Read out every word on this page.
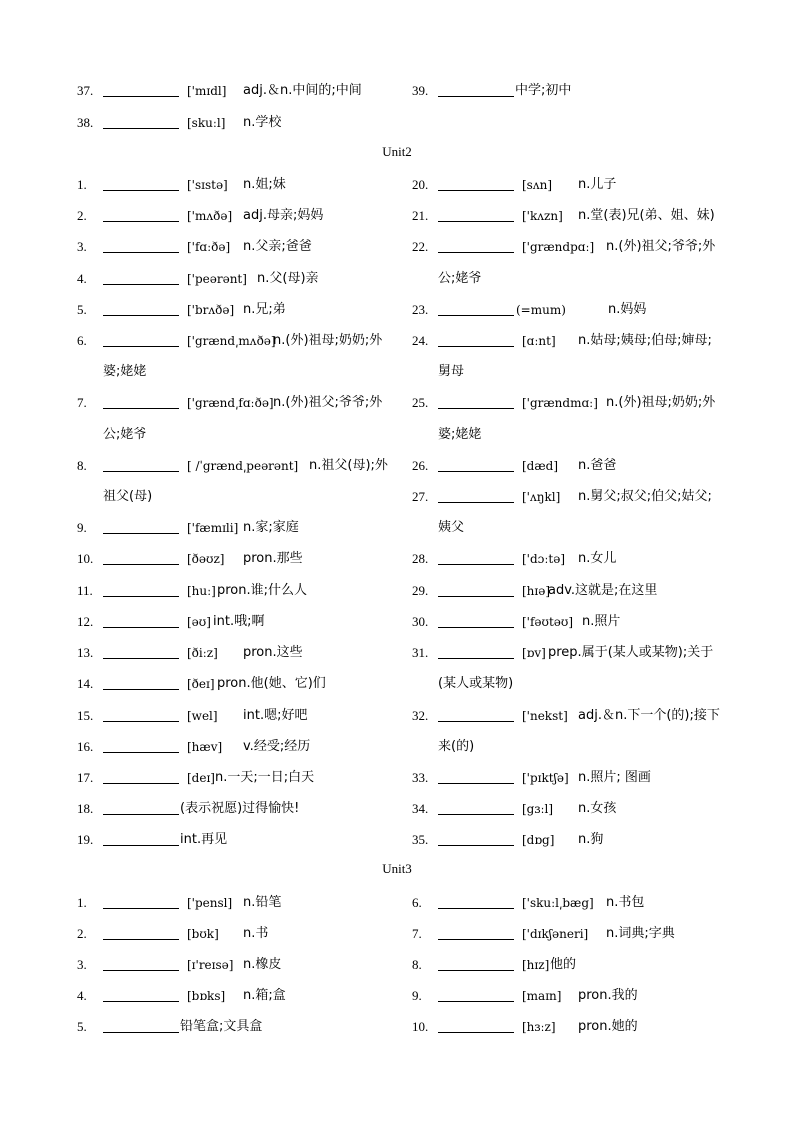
37.	['mɪdl] adj.＆n.中间的;中间
38.	[skuːl] n.学校
39.	中学;初中
Unit2
1.	['sɪstə] n.姐;妹
2.	['mʌðə] adj.母亲;妈妈
3.	['fɑːðə] n.父亲;爸爸
4.	['peərənt] n.父(母)亲
5.	['brʌðə] n.兄;弟
6.	['grænd͵mʌðə]
n.(外)祖母;奶奶;外
婆;姥姥
7.	['grænd͵fɑːðə] n.(外)祖父;爷爷;外
公;姥爷
8.	[ /ˈgrænd͵peərənt] n.祖父(母);外
祖父(母)
9.	['fæmɪli] n.家;家庭
10.	[ðəʊz] pron.那些
11.	[huː] pron.谁;什么人
12.	[əʊ] int.哦;啊
13.	[ðiːz] pron.这些
14.	[ðeɪ] pron.他(她、它)们
15.	[wel] int.嗯;好吧
16.	[hæv] v.经受;经历
17.	[deɪ] n.一天;一日;白天
18.	(表示祝愿)过得愉快!
19.	int.再见
20.	[sʌn] n.儿子
21.	['kʌzn] n.堂(表)兄(弟、姐、妹)
22.	['grændpɑː] n.(外)祖父;爷爷;外
公;姥爷
23.	(=mum)	n.妈妈
24.	[ɑːnt] n.姑母;姨母;伯母;婶母;
舅母
25.	['grændmɑː] n.(外)祖母;奶奶;外
婆;姥姥
26.	[dæd] n.爸爸
27.	['ʌŋkl] n.舅父;叔父;伯父;姑父;
姨父
28.	['dɔːtə] n.女儿
29.	[hɪə]
adv.这就是;在这里
30.	['fəʊtəʊ] n.照片
31.	[ɒv] prep.属于(某人或某物);关于
(某人或某物)
32.	['nekst] adj.＆n.下一个(的);接下
来(的)
33.	['pɪktʃə] n.照片; 图画
34.	[gɜːl] n.女孩
35.	[dɒg] n.狗
Unit3
1.	['pensl] n.铅笔
2.	[bʊk] n.书
3.	[ɪ'reɪsə] n.橡皮
4.	[bɒks] n.箱;盒
5.	铅笔盒;文具盒
6.	['skuːl͵bæg] n.书包
7.	['dɪkʃəneri] n.词典;字典
8.	[hɪz] 他的
9.	[maɪn] pron.我的
10.	[hɜːz] pron.她的
